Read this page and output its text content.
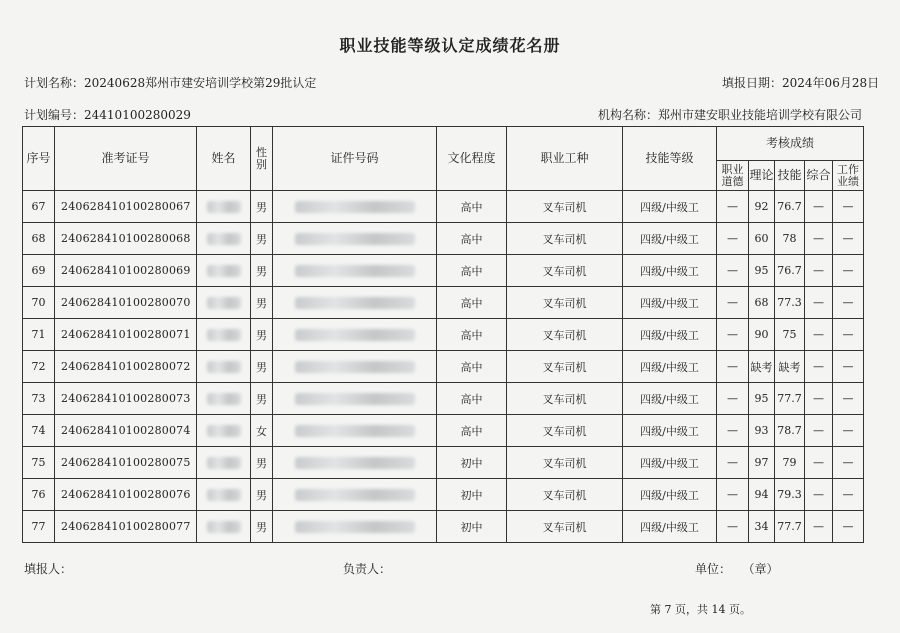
职业技能等级认定成绩花名册
计划名称：20240628郑州市建安培训学校第29批认定	填报日期：2024年06月28日
计划编号：24410100280029	机构名称：郑州市建安职业技能培训学校有限公司
序号	准考证号	姓名	性别	证件号码	文化程度	职业工种	技能等级	考核成绩				
								职业道德	理论	技能	综合	工作业绩
67	240628410100280067		男		高中	叉车司机	四级/中级工	—	92	76.7	—	—
68	240628410100280068		男		高中	叉车司机	四级/中级工	—	60	78	—	—
69	240628410100280069		男		高中	叉车司机	四级/中级工	—	95	76.7	—	—
70	240628410100280070		男		高中	叉车司机	四级/中级工	—	68	77.3	—	—
71	240628410100280071		男		高中	叉车司机	四级/中级工	—	90	75	—	—
72	240628410100280072		男		高中	叉车司机	四级/中级工	—	缺考	缺考	—	—
73	240628410100280073		男		高中	叉车司机	四级/中级工	—	95	77.7	—	—
74	240628410100280074		女		高中	叉车司机	四级/中级工	—	93	78.7	—	—
75	240628410100280075		男		初中	叉车司机	四级/中级工	—	97	79	—	—
76	240628410100280076		男		初中	叉车司机	四级/中级工	—	94	79.3	—	—
77	240628410100280077		男		初中	叉车司机	四级/中级工	—	34	77.7	—	—
填报人：	负责人：	单位： （章）
第 7 页，共 14 页。
